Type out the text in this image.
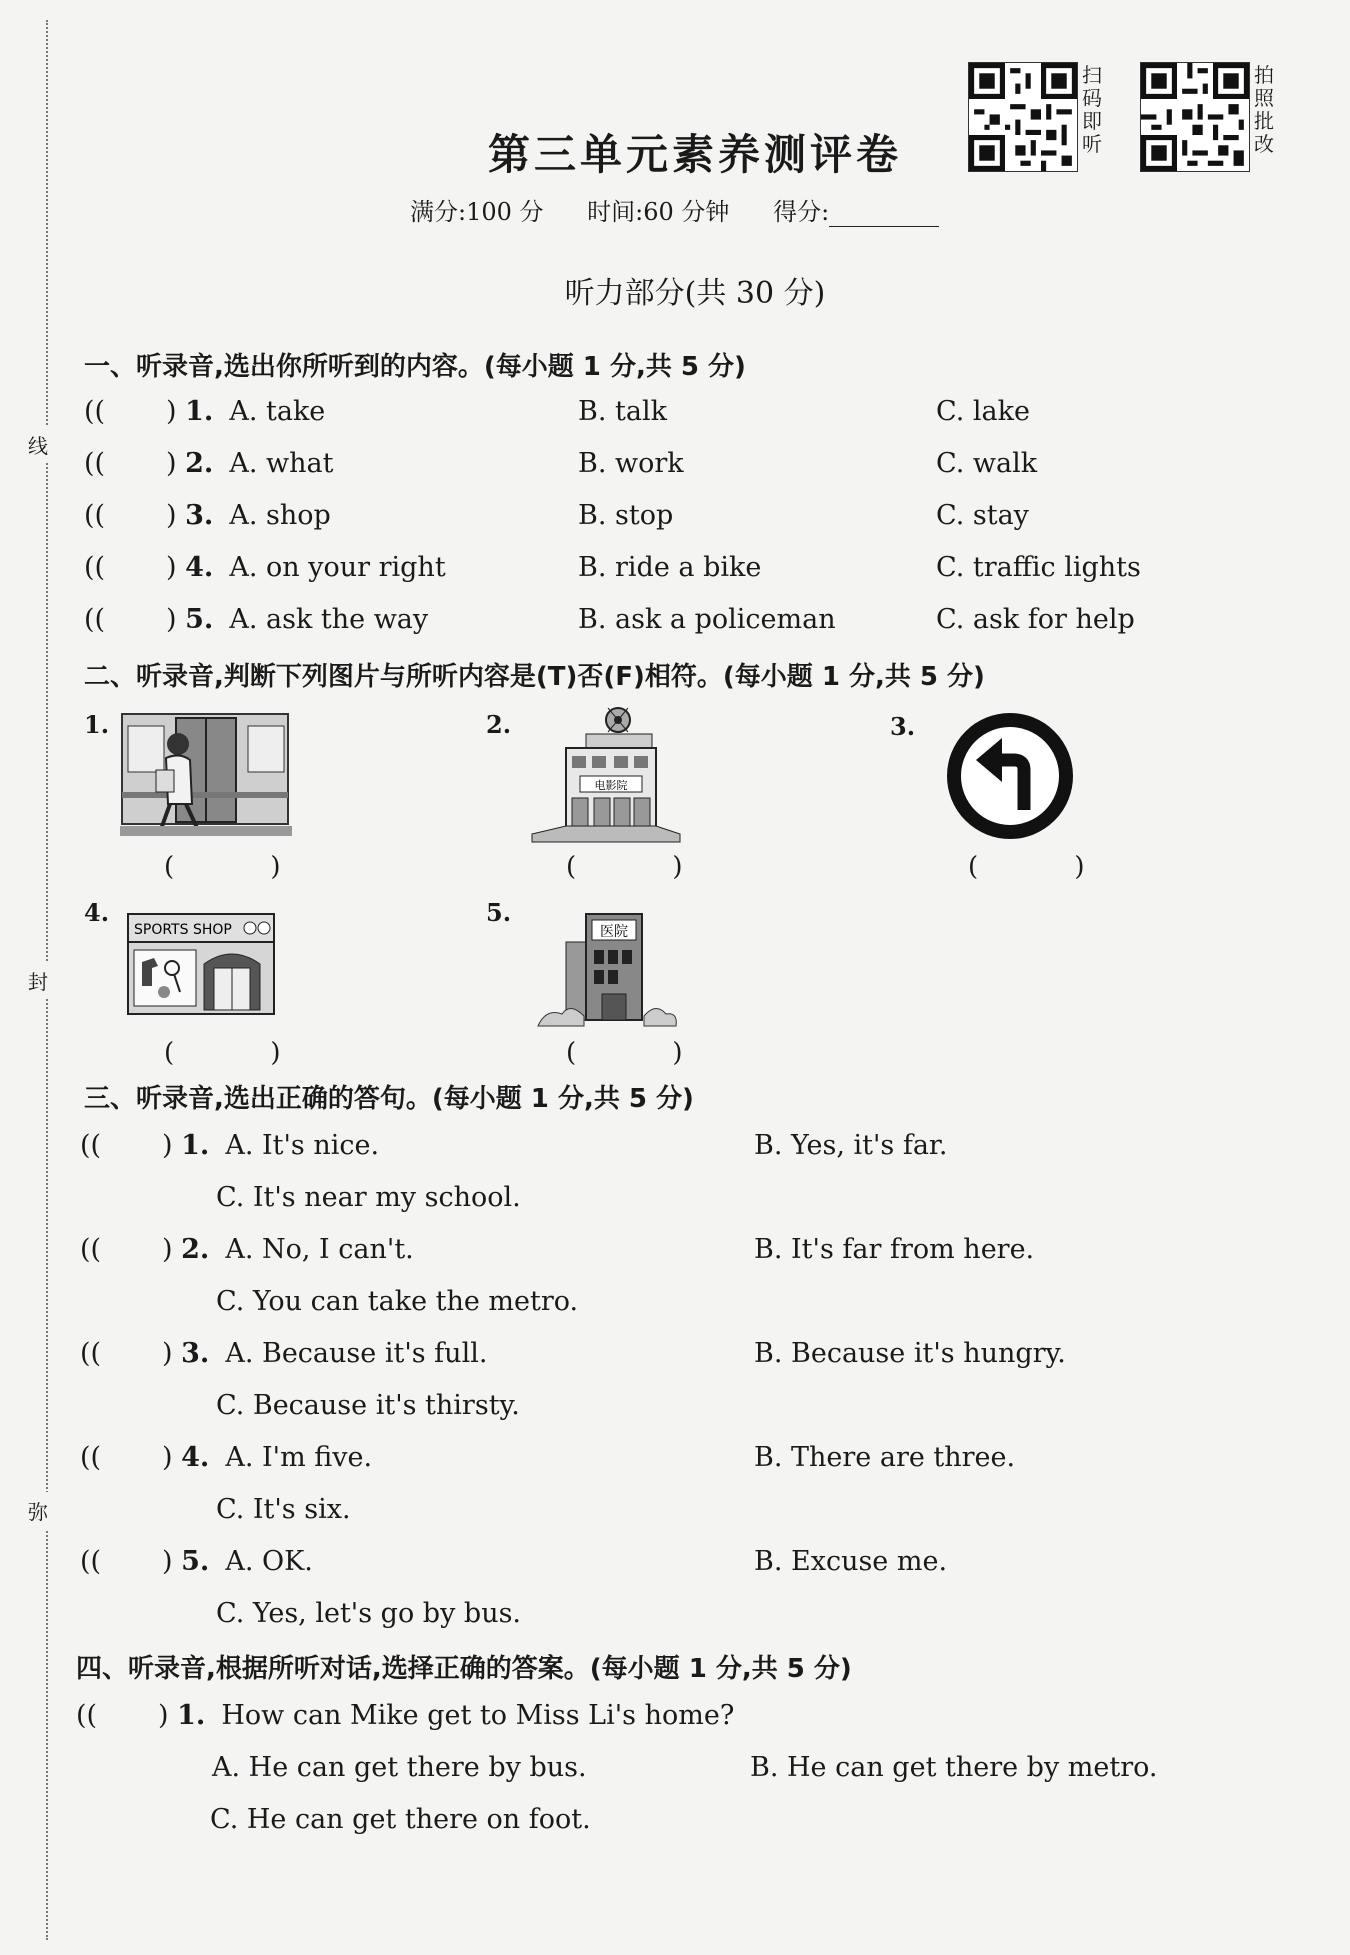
线
封
弥
扫码即听
拍照批改
第三单元素养测评卷
满分:100 分 时间:60 分钟 得分:
听力部分(共 30 分)
一、听录音,选出你所听到的内容。(每小题 1 分,共 5 分)
( ( ) 1. A. take	B. talk	C. lake
( ( ) 2. A. what	B. work	C. walk
( ( ) 3. A. shop	B. stop	C. stay
( ( ) 4. A. on your right	B. ride a bike	C. traffic lights
( ( ) 5. A. ask the way	B. ask a policeman	C. ask for help
二、听录音,判断下列图片与所听内容是(T)否(F)相符。(每小题 1 分,共 5 分)
1.
( )
2.
电影院
( )
3.
( )
4.
SPORTS SHOP
( )
5.
医院
( )
三、听录音,选出正确的答句。(每小题 1 分,共 5 分)
( ( ) 1. A. It's nice.	B. Yes, it's far.
C. It's near my school.
( ( ) 2. A. No, I can't.	B. It's far from here.
C. You can take the metro.
( ( ) 3. A. Because it's full.	B. Because it's hungry.
C. Because it's thirsty.
( ( ) 4. A. I'm five.	B. There are three.
C. It's six.
( ( ) 5. A. OK.	B. Excuse me.
C. Yes, let's go by bus.
四、听录音,根据所听对话,选择正确的答案。(每小题 1 分,共 5 分)
( ( ) 1. How can Mike get to Miss Li's home?
A. He can get there by bus.	B. He can get there by metro.
C. He can get there on foot.
